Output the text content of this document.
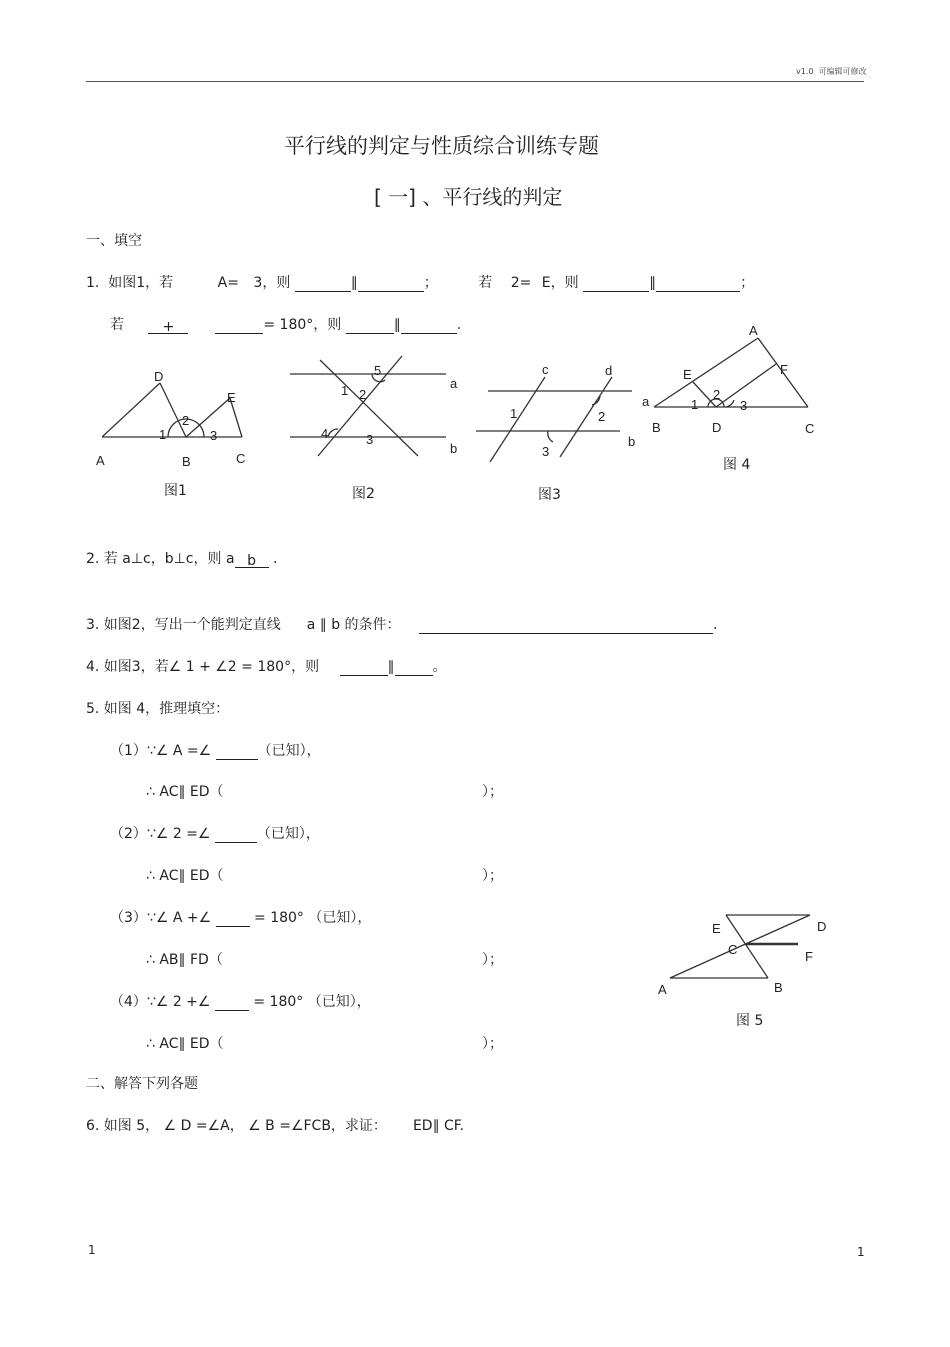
v1.0 可编辑可修改
平行线的判定与性质综合训练专题
[ 一] 、平行线的判定
一、填空
1. 如图1，若	A= 3，则	∥	；	若 2= E，则	∥	；
若	+	= 180°，则	∥	.
A	B	C
D
E
1
2
3
a
b
1 2
3
4
5	c	d
b
1	2
3
A
B	C
D
E	F
a	1
2
3
图1	图2	图3
图 4
2. 若 a⊥c，b⊥c，则 a b .
3. 如图2，写出一个能判定直线 a ∥ b 的条件：	.
4. 如图3，若∠ 1 + ∠2 = 180°，则	∥	。
5. 如图 4，推理填空：
（1）∵∠ A =∠	（已知），
∴ AC∥ ED（	）；
（2）∵∠ 2 =∠	（已知），
∴ AC∥ ED（	）；
（3）∵∠ A +∠	= 180° （已知），
∴ AB∥ FD（	）；
（4）∵∠ 2 +∠	= 180° （已知），
∴ AC∥ ED（	）；
A	B
C
D
E
F
图 5
二、解答下列各题
6. 如图 5， ∠ D =∠A， ∠ B =∠FCB，求证： ED∥ CF.
1	1
